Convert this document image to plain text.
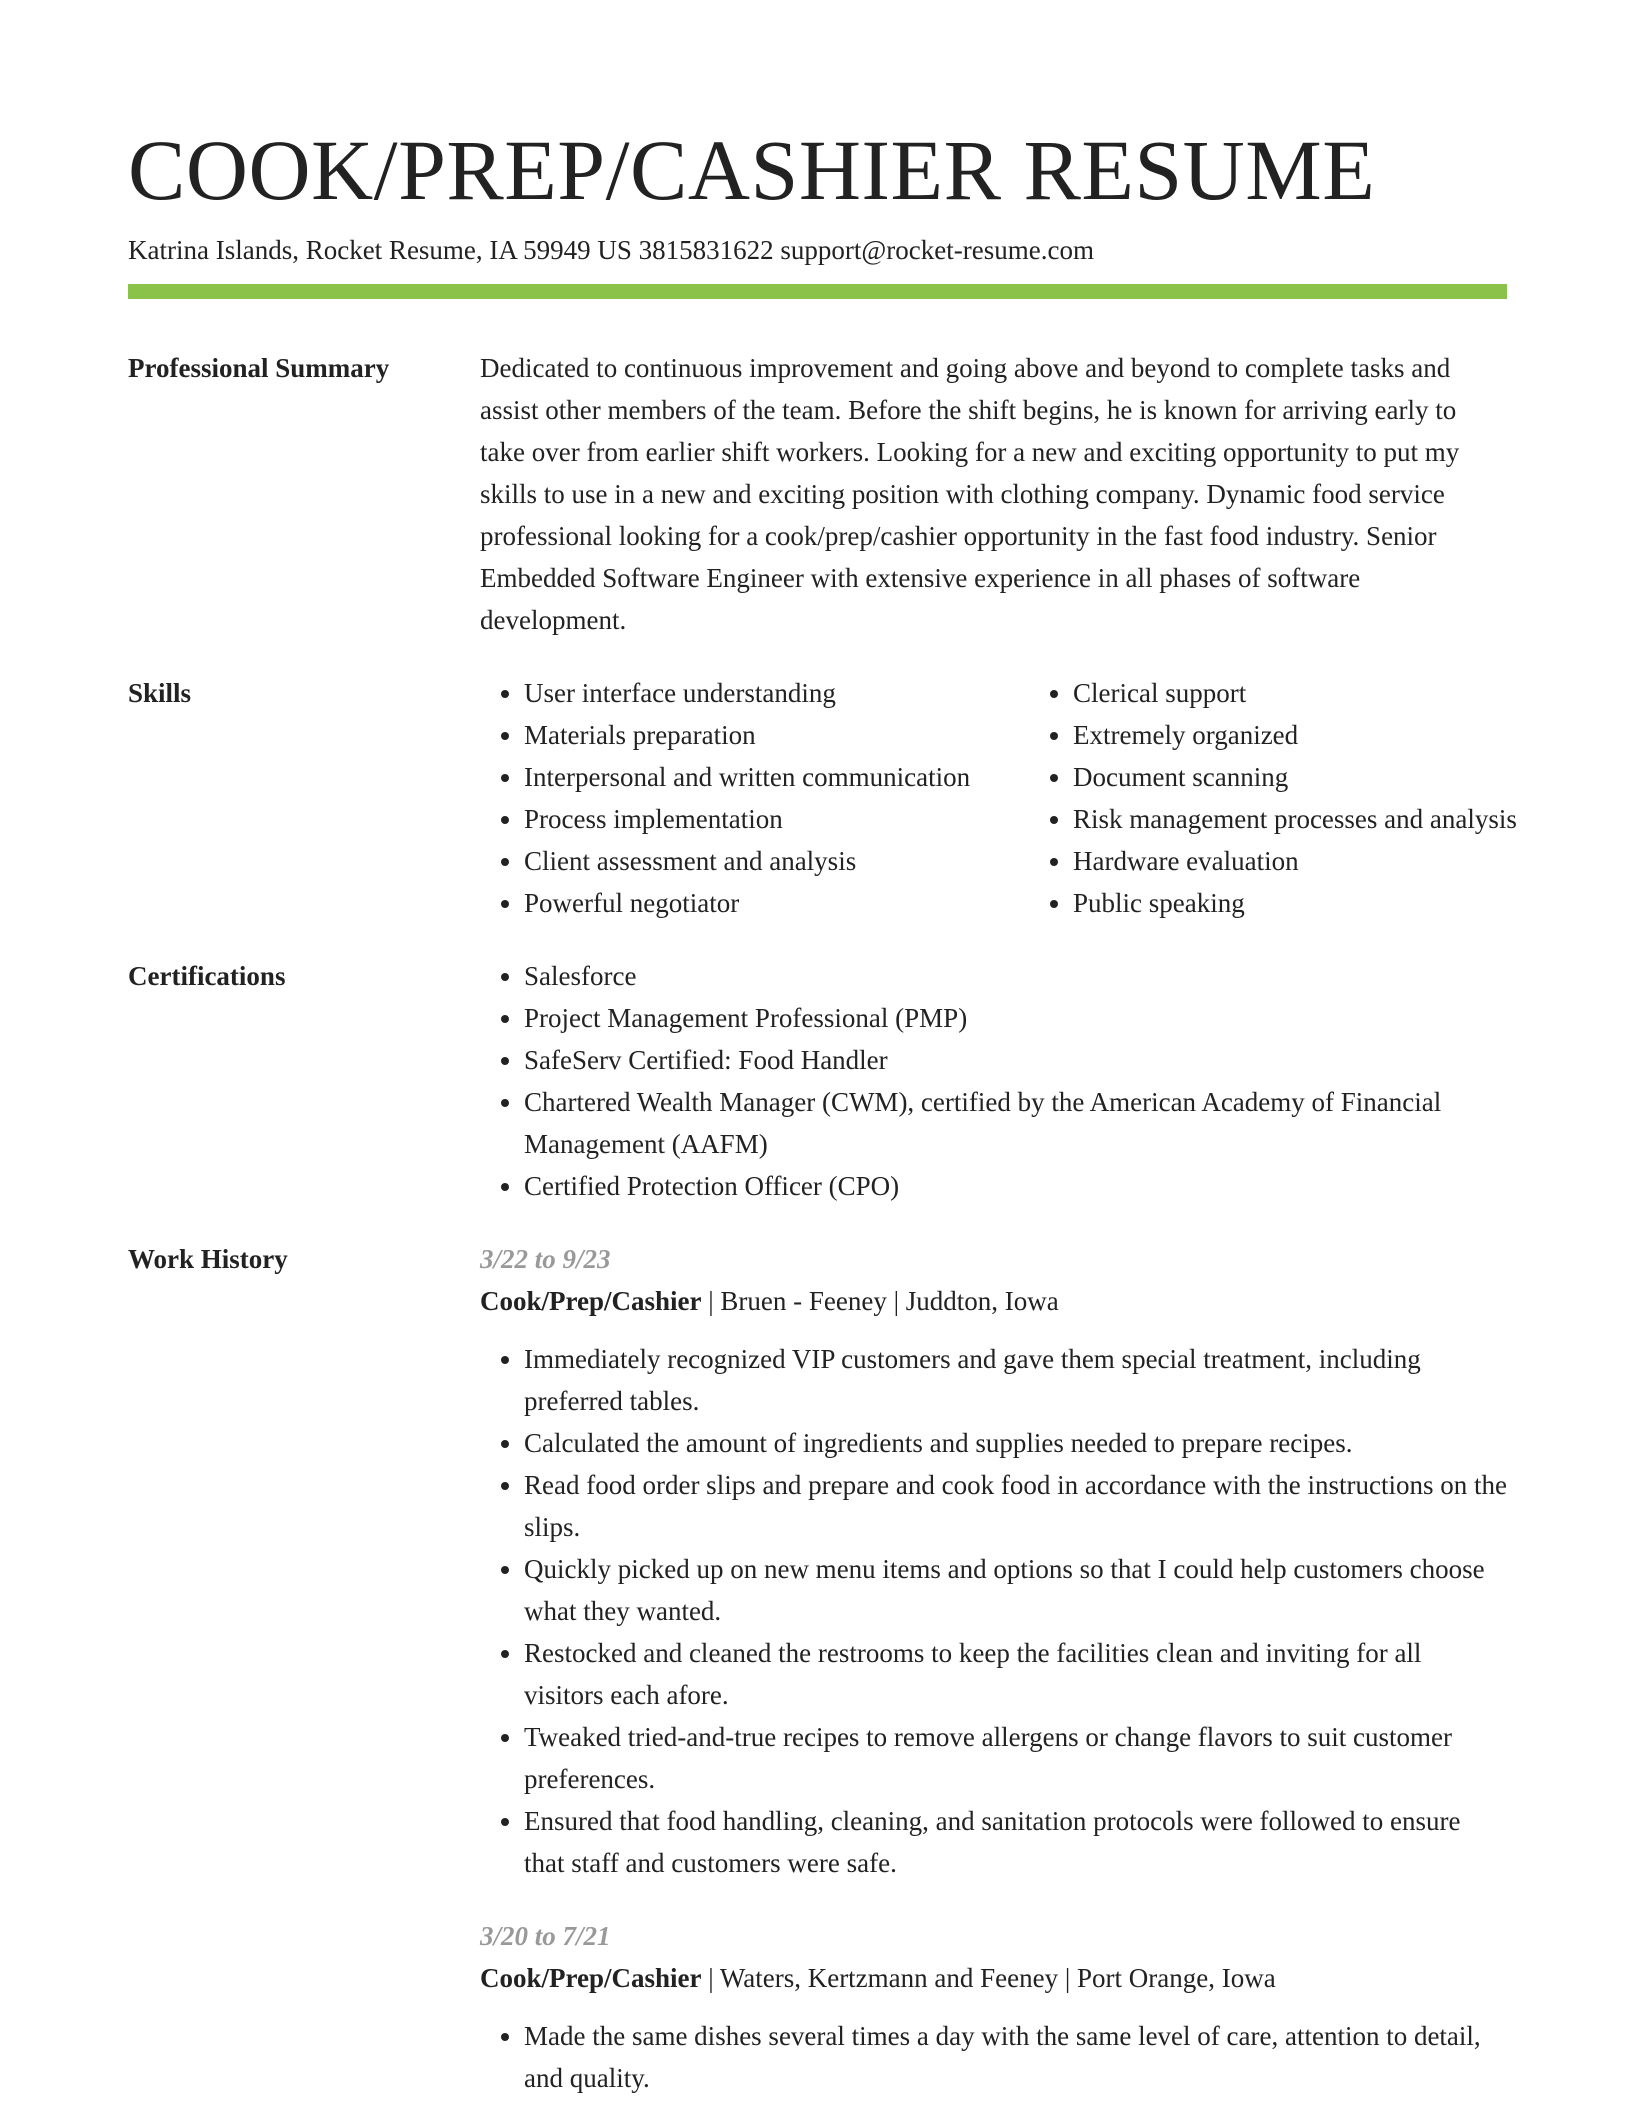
COOK/PREP/CASHIER RESUME
Katrina Islands, Rocket Resume, IA 59949 US 3815831622 support@rocket-resume.com
Professional Summary	Dedicated to continuous improvement and going above and beyond to complete tasks and assist other members of the team. Before the shift begins, he is known for arriving early to take over from earlier shift workers. Looking for a new and exciting opportunity to put my skills to use in a new and exciting position with clothing company. Dynamic food service professional looking for a cook/prep/cashier opportunity in the fast food industry. Senior Embedded Software Engineer with extensive experience in all phases of software development.

Skills	• User interface understanding
• Materials preparation
• Interpersonal and written communication
• Process implementation
• Client assessment and analysis
• Powerful negotiator
• Clerical support
• Extremely organized
• Document scanning
• Risk management processes and analysis
• Hardware evaluation
• Public speaking
Certifications	• Salesforce
• Project Management Professional (PMP)
• SafeServ Certified: Food Handler
• Chartered Wealth Manager (CWM), certified by the American Academy of Financial Management (AAFM)
• Certified Protection Officer (CPO)
Work History	3/22 to 9/23
Cook/Prep/Cashier | Bruen - Feeney | Juddton, Iowa
• Immediately recognized VIP customers and gave them special treatment, including preferred tables.
• Calculated the amount of ingredients and supplies needed to prepare recipes.
• Read food order slips and prepare and cook food in accordance with the instructions on the slips.
• Quickly picked up on new menu items and options so that I could help customers choose what they wanted.
• Restocked and cleaned the restrooms to keep the facilities clean and inviting for all visitors each afore.
• Tweaked tried-and-true recipes to remove allergens or change flavors to suit customer preferences.
• Ensured that food handling, cleaning, and sanitation protocols were followed to ensure that staff and customers were safe.
3/20 to 7/21
Cook/Prep/Cashier | Waters, Kertzmann and Feeney | Port Orange, Iowa
• Made the same dishes several times a day with the same level of care, attention to detail, and quality.
